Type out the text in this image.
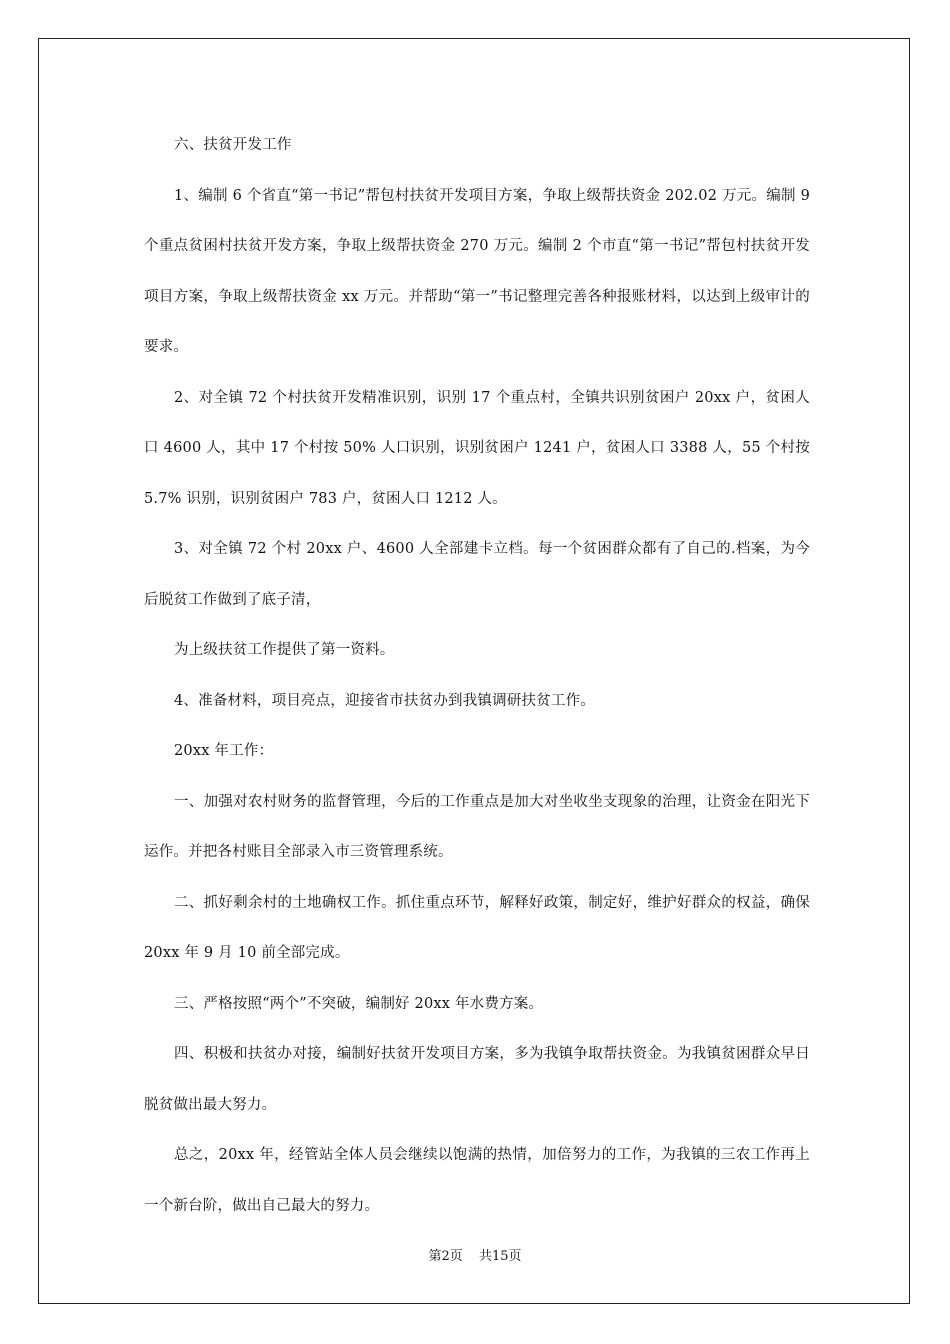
六、扶贫开发工作

1、编制 6 个省直“第一书记”帮包村扶贫开发项目方案，争取上级帮扶资金 202.02 万元。编制 9 个重点贫困村扶贫开发方案，争取上级帮扶资金 270 万元。编制 2 个市直“第一书记”帮包村扶贫开发项目方案，争取上级帮扶资金 xx 万元。并帮助“第一”书记整理完善各种报账材料，以达到上级审计的要求。

2、对全镇 72 个村扶贫开发精准识别，识别 17 个重点村，全镇共识别贫困户 20xx 户，贫困人口 4600 人，其中 17 个村按 50% 人口识别，识别贫困户 1241 户，贫困人口 3388 人，55 个村按 5.7% 识别，识别贫困户 783 户，贫困人口 1212 人。

3、对全镇 72 个村 20xx 户、4600 人全部建卡立档。每一个贫困群众都有了自己的.档案，为今后脱贫工作做到了底子清，

为上级扶贫工作提供了第一资料。

4、准备材料，项目亮点，迎接省市扶贫办到我镇调研扶贫工作。

20xx 年工作：

一、加强对农村财务的监督管理，今后的工作重点是加大对坐收坐支现象的治理，让资金在阳光下运作。并把各村账目全部录入市三资管理系统。

二、抓好剩余村的土地确权工作。抓住重点环节，解释好政策，制定好，维护好群众的权益，确保 20xx 年 9 月 10 前全部完成。

三、严格按照“两个”不突破，编制好 20xx 年水费方案。

四、积极和扶贫办对接，编制好扶贫开发项目方案，多为我镇争取帮扶资金。为我镇贫困群众早日脱贫做出最大努力。

总之，20xx 年，经管站全体人员会继续以饱满的热情，加倍努力的工作，为我镇的三农工作再上一个新台阶，做出自己最大的努力。

第2页 共15页
